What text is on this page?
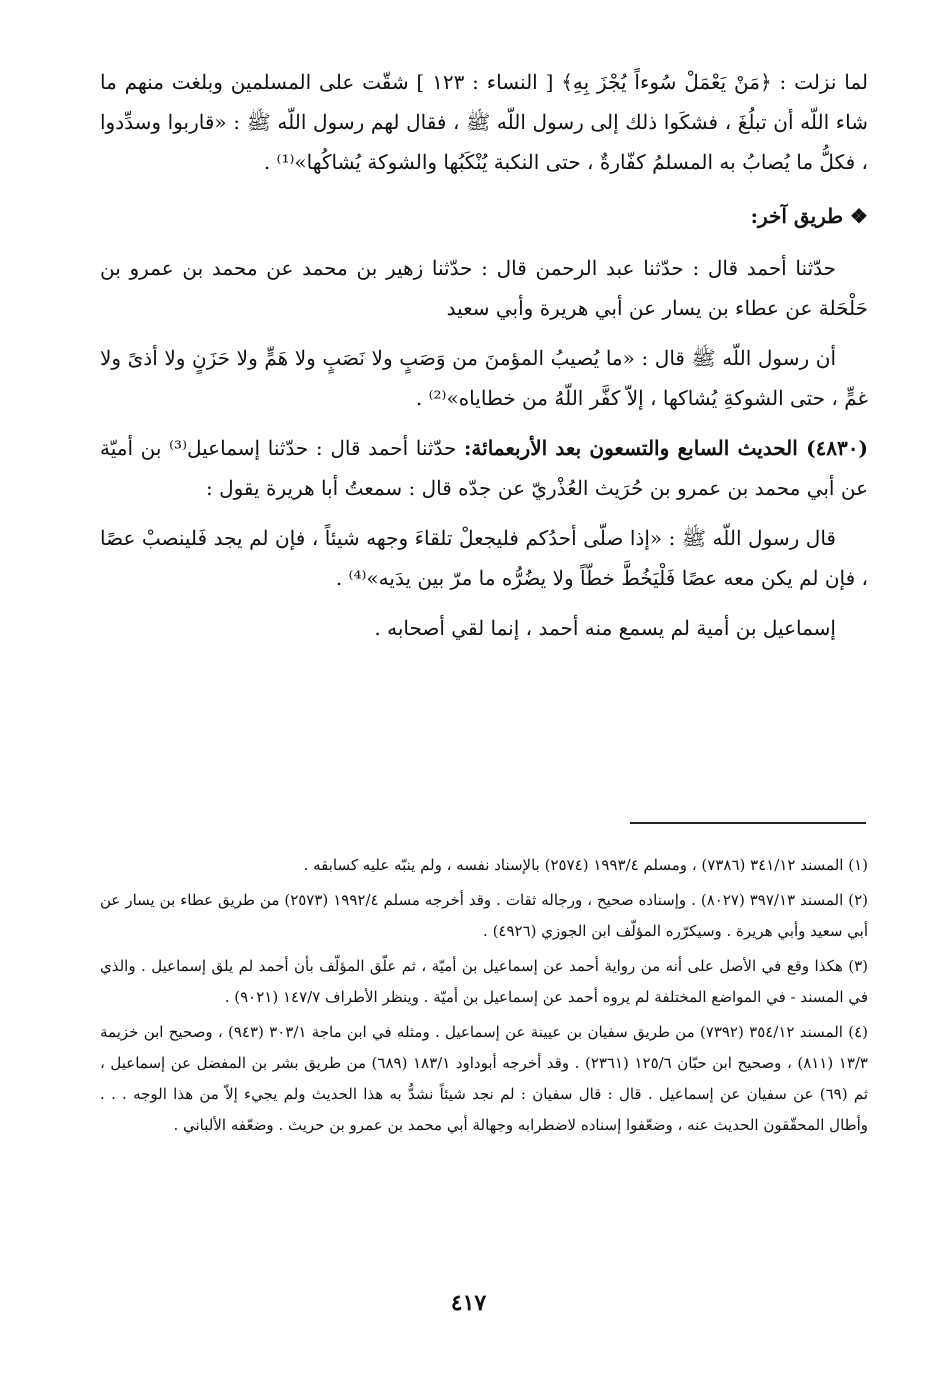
لما نزلت : ﴿مَنْ يَعْمَلْ سُوءاً يُجْزَ بِهِ﴾ [ النساء : ١٢٣ ] شقّت على المسلمين وبلغت منهم ما شاء اللّه أن تبلُغَ ، فشكَوا ذلك إلى رسول اللّه ﷺ ، فقال لهم رسول اللّه ﷺ : «قاربوا وسدِّدوا ، فكلُّ ما يُصابُ به المسلمُ كفّارةٌ ، حتى النكبة يُنْكَبُها والشوكة يُشاكُها»⁽¹⁾ .

❖ طريق آخر:

حدّثنا أحمد قال : حدّثنا عبد الرحمن قال : حدّثنا زهير بن محمد عن محمد بن عمرو بن حَلْحَلة عن عطاء بن يسار عن أبي هريرة وأبي سعيد

أن رسول اللّه ﷺ قال : «ما يُصيبُ المؤمنَ من وَصَبٍ ولا نَصَبٍ ولا هَمٍّ ولا حَزَنٍ ولا أذىً ولا غمٍّ ، حتى الشوكةِ يُشاكها ، إلاّ كفَّر اللّهُ من خطاياه»⁽²⁾ .

(٤٨٣٠) الحديث السابع والتسعون بعد الأربعمائة: حدّثنا أحمد قال : حدّثنا إسماعيل⁽³⁾ بن أميّة عن أبي محمد بن عمرو بن حُرَيث العُذْريّ عن جدّه قال : سمعتُ أبا هريرة يقول :

قال رسول اللّه ﷺ : «إذا صلّى أحدُكم فليجعلْ تلقاءَ وجهه شيئاً ، فإن لم يجد فَلينصبْ عصًا ، فإن لم يكن معه عصًا فَلْيَخُطَّ خطّاً ولا يضُرُّه ما مرّ بين يدَيه»⁽⁴⁾ .

إسماعيل بن أمية لم يسمع منه أحمد ، إنما لقي أصحابه .

(١) المسند ٣٤١/١٢ (٧٣٨٦) ، ومسلم ١٩٩٣/٤ (٢٥٧٤) بالإسناد نفسه ، ولم ينبّه عليه كسابقه .

(٢) المسند ٣٩٧/١٣ (٨٠٢٧) . وإسناده صحيح ، ورجاله ثقات . وقد أخرجه مسلم ١٩٩٢/٤ (٢٥٧٣) من طريق عطاء بن يسار عن أبي سعيد وأبي هريرة . وسيكرّره المؤلّف ابن الجوزي (٤٩٢٦) .

(٣) هكذا وقع في الأصل على أنه من رواية أحمد عن إسماعيل بن أميّة ، ثم علّق المؤلّف بأن أحمد لم يلق إسماعيل . والذي في المسند - في المواضع المختلفة لم يروه أحمد عن إسماعيل بن أميّة . وينظر الأطراف ١٤٧/٧ (٩٠٢١) .

(٤) المسند ٣٥٤/١٢ (٧٣٩٢) من طريق سفيان بن عيينة عن إسماعيل . ومثله في ابن ماجة ٣٠٣/١ (٩٤٣) ، وصحيح ابن خزيمة ١٣/٣ (٨١١) ، وصحيح ابن حبّان ١٢٥/٦ (٢٣٦١) . وقد أخرجه أبوداود ١٨٣/١ (٦٨٩) من طريق بشر بن المفضل عن إسماعيل ، ثم (٦٩) عن سفيان عن إسماعيل . قال : قال سفيان : لم نجد شيئاً نشدُّ به هذا الحديث ولم يجيء إلاّ من هذا الوجه . . . وأطال المحقّقون الحديث عنه ، وضعّفوا إسناده لاضطرابه وجهالة أبي محمد بن عمرو بن حريث . وضعّفه الألباني .

٤١٧
